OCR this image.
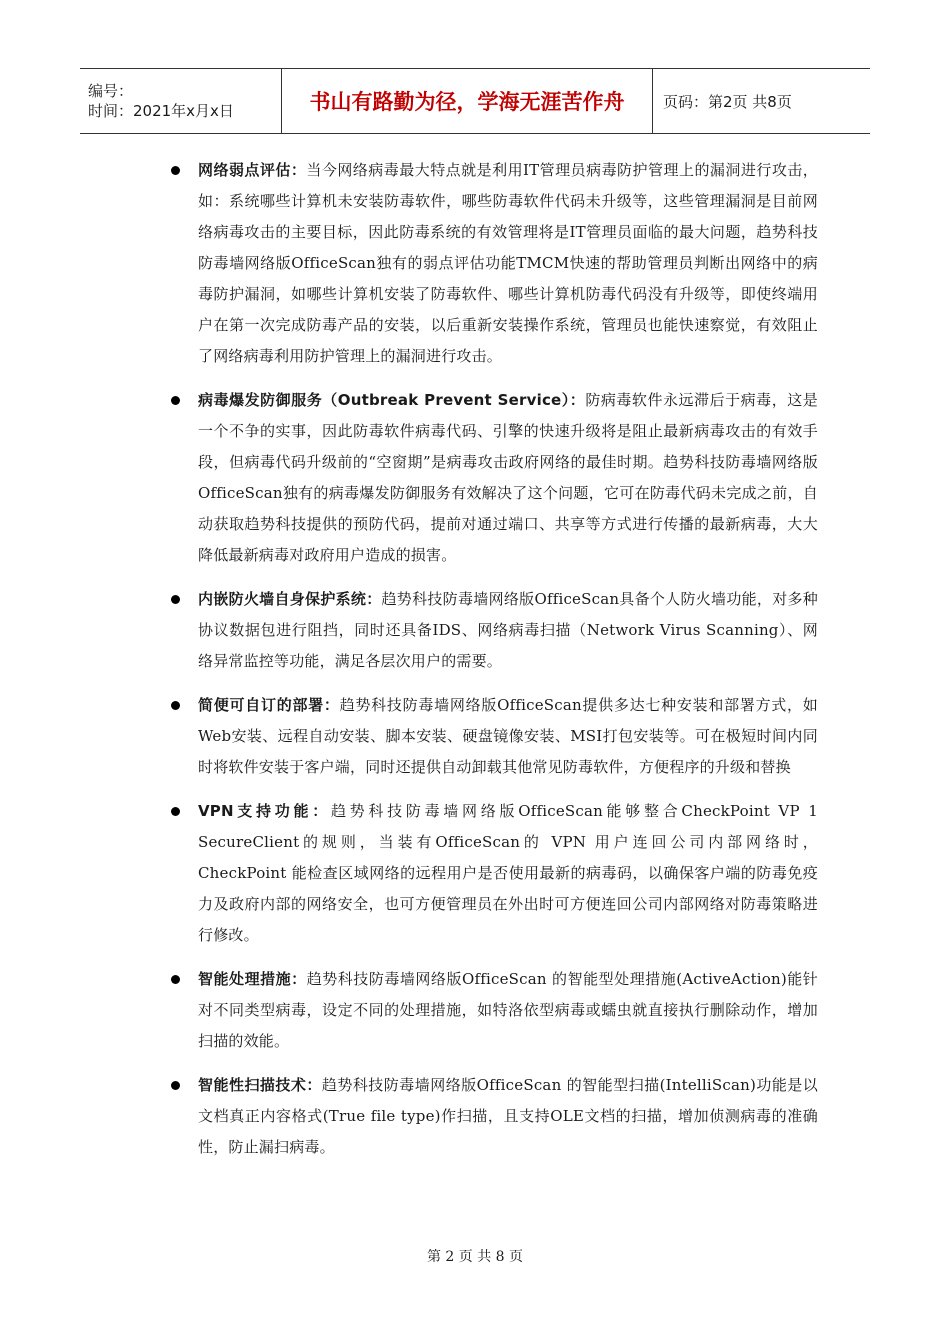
编号：
时间：2021年x月x日	书山有路勤为径，学海无涯苦作舟	页码：第2页 共8页
网络弱点评估：当今网络病毒最大特点就是利用IT管理员病毒防护管理上的漏洞进行攻击，如：系统哪些计算机未安装防毒软件，哪些防毒软件代码未升级等，这些管理漏洞是目前网络病毒攻击的主要目标，因此防毒系统的有效管理将是IT管理员面临的最大问题，趋势科技防毒墙网络版OfficeScan独有的弱点评估功能TMCM快速的帮助管理员判断出网络中的病毒防护漏洞，如哪些计算机安装了防毒软件、哪些计算机防毒代码没有升级等，即使终端用户在第一次完成防毒产品的安装，以后重新安装操作系统，管理员也能快速察觉，有效阻止了网络病毒利用防护管理上的漏洞进行攻击。
病毒爆发防御服务（Outbreak Prevent Service）：防病毒软件永远滞后于病毒，这是一个不争的实事，因此防毒软件病毒代码、引擎的快速升级将是阻止最新病毒攻击的有效手段，但病毒代码升级前的“空窗期”是病毒攻击政府网络的最佳时期。趋势科技防毒墙网络版OfficeScan独有的病毒爆发防御服务有效解决了这个问题，它可在防毒代码未完成之前，自动获取趋势科技提供的预防代码，提前对通过端口、共享等方式进行传播的最新病毒，大大降低最新病毒对政府用户造成的损害。
内嵌防火墙自身保护系统：趋势科技防毒墙网络版OfficeScan具备个人防火墙功能，对多种协议数据包进行阻挡，同时还具备IDS、网络病毒扫描（Network Virus Scanning）、网络异常监控等功能，满足各层次用户的需要。
简便可自订的部署：趋势科技防毒墙网络版OfficeScan提供多达七种安装和部署方式，如Web安装、远程自动安装、脚本安装、硬盘镜像安装、MSI打包安装等。可在极短时间内同时将软件安装于客户端，同时还提供自动卸载其他常见防毒软件，方便程序的升级和替换
VPN支持功能：趋势科技防毒墙网络版OfficeScan能够整合CheckPoint VP 1 SecureClient的规则，当装有OfficeScan的 VPN 用户连回公司内部网络时，CheckPoint 能检查区域网络的远程用户是否使用最新的病毒码，以确保客户端的防毒免疫力及政府内部的网络安全，也可方便管理员在外出时可方便连回公司内部网络对防毒策略进行修改。
智能处理措施：趋势科技防毒墙网络版OfficeScan 的智能型处理措施(ActiveAction)能针对不同类型病毒，设定不同的处理措施，如特洛依型病毒或蠕虫就直接执行删除动作，增加扫描的效能。
智能性扫描技术：趋势科技防毒墙网络版OfficeScan 的智能型扫描(IntelliScan)功能是以文档真正内容格式(True file type)作扫描，且支持OLE文档的扫描，增加侦测病毒的准确性，防止漏扫病毒。
第 2 页 共 8 页
